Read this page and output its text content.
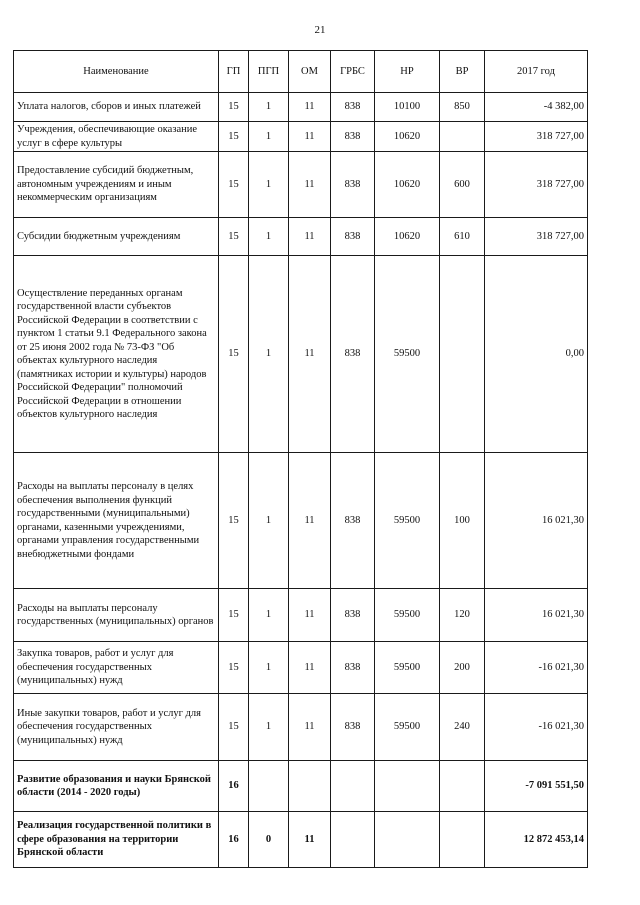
21
Наименование	ГП	ПГП	ОМ	ГРБС	НР	ВР	2017 год
Уплата налогов, сборов и иных платежей	15	1	11	838	10100	850	-4 382,00
Учреждения, обеспечивающие оказание услуг в сфере культуры	15	1	11	838	10620		318 727,00
Предоставление субсидий бюджетным, автономным учреждениям и иным некоммерческим организациям	15	1	11	838	10620	600	318 727,00
Субсидии бюджетным учреждениям	15	1	11	838	10620	610	318 727,00
Осуществление переданных органам государственной власти субъектов Российской Федерации в соответствии с пунктом 1 статьи 9.1 Федерального закона от 25 июня 2002 года № 73-ФЗ "Об объектах культурного наследия (памятниках истории и культуры) народов Российской Федерации" полномочий Российской Федерации в отношении объектов культурного наследия	15	1	11	838	59500		0,00
Расходы на выплаты персоналу в целях обеспечения выполнения функций государственными (муниципальными) органами, казенными учреждениями, органами управления государственными внебюджетными фондами	15	1	11	838	59500	100	16 021,30
Расходы на выплаты персоналу государственных (муниципальных) органов	15	1	11	838	59500	120	16 021,30
Закупка товаров, работ и услуг для обеспечения государственных (муниципальных) нужд	15	1	11	838	59500	200	-16 021,30
Иные закупки товаров, работ и услуг для обеспечения государственных (муниципальных) нужд	15	1	11	838	59500	240	-16 021,30
Развитие образования и науки Брянской области (2014 - 2020 годы)	16						-7 091 551,50
Реализация государственной политики в сфере образования на территории Брянской области	16	0	11				12 872 453,14
